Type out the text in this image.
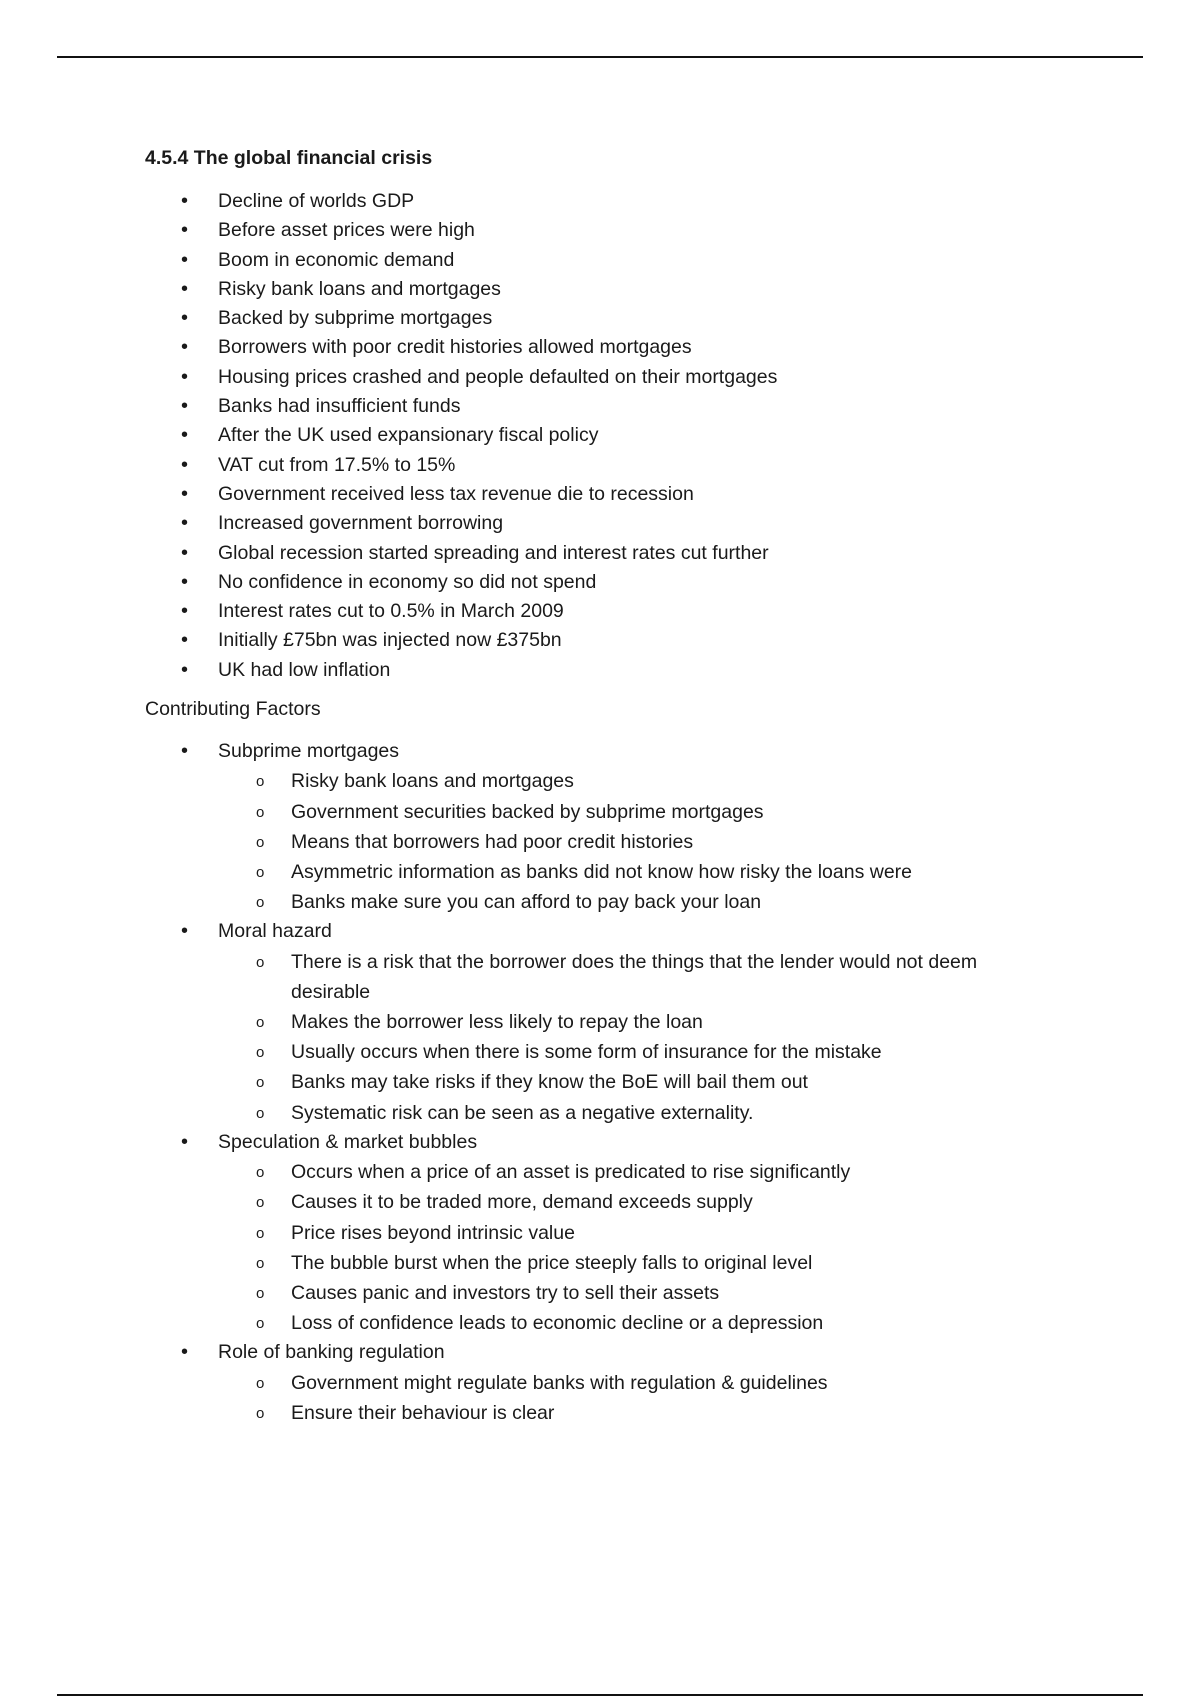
4.5.4 The global financial crisis
• Decline of worlds GDP
• Before asset prices were high
• Boom in economic demand
• Risky bank loans and mortgages
• Backed by subprime mortgages
• Borrowers with poor credit histories allowed mortgages
• Housing prices crashed and people defaulted on their mortgages
• Banks had insufficient funds
• After the UK used expansionary fiscal policy
• VAT cut from 17.5% to 15%
• Government received less tax revenue die to recession
• Increased government borrowing
• Global recession started spreading and interest rates cut further
• No confidence in economy so did not spend
• Interest rates cut to 0.5% in March 2009
• Initially £75bn was injected now £375bn
• UK had low inflation
Contributing Factors
• Subprime mortgages
o Risky bank loans and mortgages
o Government securities backed by subprime mortgages
o Means that borrowers had poor credit histories
o Asymmetric information as banks did not know how risky the loans were
o Banks make sure you can afford to pay back your loan
• Moral hazard
o There is a risk that the borrower does the things that the lender would not deem desirable
o Makes the borrower less likely to repay the loan
o Usually occurs when there is some form of insurance for the mistake
o Banks may take risks if they know the BoE will bail them out
o Systematic risk can be seen as a negative externality.
• Speculation & market bubbles
o Occurs when a price of an asset is predicated to rise significantly
o Causes it to be traded more, demand exceeds supply
o Price rises beyond intrinsic value
o The bubble burst when the price steeply falls to original level
o Causes panic and investors try to sell their assets
o Loss of confidence leads to economic decline or a depression
• Role of banking regulation
o Government might regulate banks with regulation & guidelines
o Ensure their behaviour is clear
